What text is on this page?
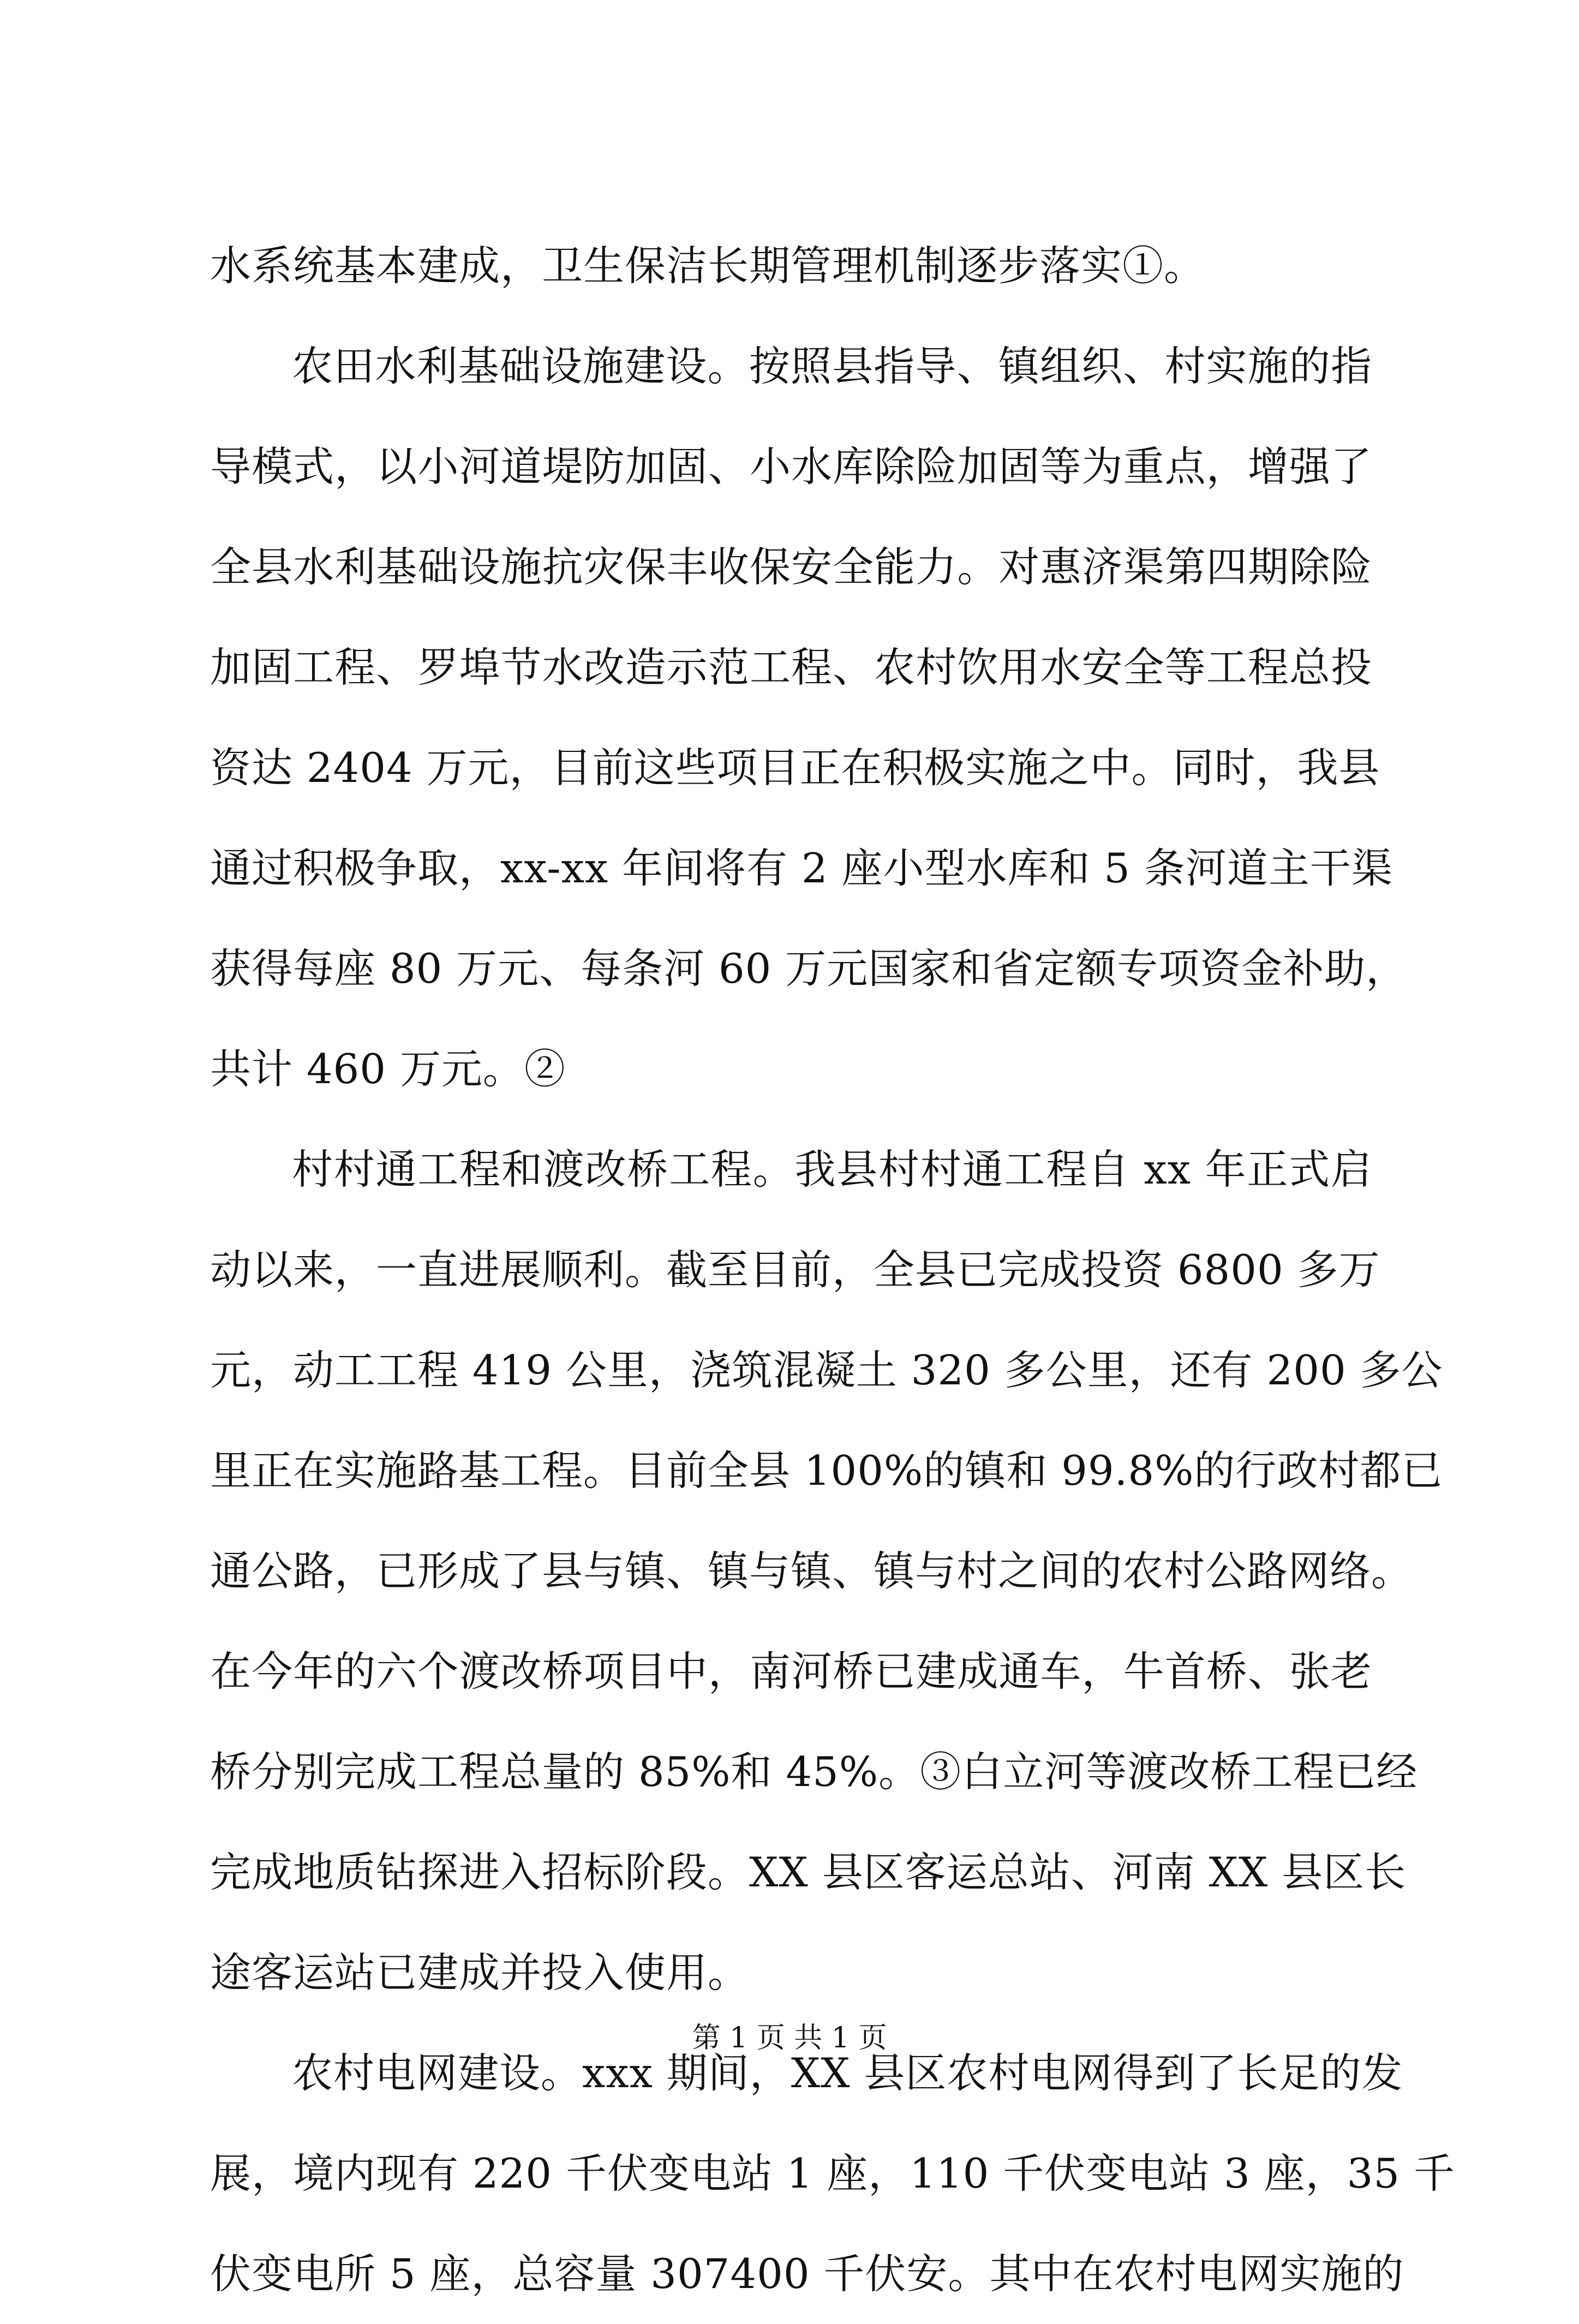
水系统基本建成，卫生保洁长期管理机制逐步落实①。
农田水利基础设施建设。按照县指导、镇组织、村实施的指
导模式，以小河道堤防加固、小水库除险加固等为重点，增强了
全县水利基础设施抗灾保丰收保安全能力。对惠济渠第四期除险
加固工程、罗埠节水改造示范工程、农村饮用水安全等工程总投
资达 2404 万元，目前这些项目正在积极实施之中。同时，我县
通过积极争取，xx-xx 年间将有 2 座小型水库和 5 条河道主干渠
获得每座 80 万元、每条河 60 万元国家和省定额专项资金补助，
共计 460 万元。②
村村通工程和渡改桥工程。我县村村通工程自 xx 年正式启
动以来，一直进展顺利。截至目前，全县已完成投资 6800 多万
元，动工工程 419 公里，浇筑混凝土 320 多公里，还有 200 多公
里正在实施路基工程。目前全县 100%的镇和 99.8%的行政村都已
通公路，已形成了县与镇、镇与镇、镇与村之间的农村公路网络。
在今年的六个渡改桥项目中，南河桥已建成通车，牛首桥、张老
桥分别完成工程总量的 85%和 45%。③白立河等渡改桥工程已经
完成地质钻探进入招标阶段。XX 县区客运总站、河南 XX 县区长
途客运站已建成并投入使用。
农村电网建设。xxx 期间，XX 县区农村电网得到了长足的发
展，境内现有 220 千伏变电站 1 座，110 千伏变电站 3 座，35 千
伏变电所 5 座，总容量 307400 千伏安。其中在农村电网实施的
第 1 页 共 1 页
